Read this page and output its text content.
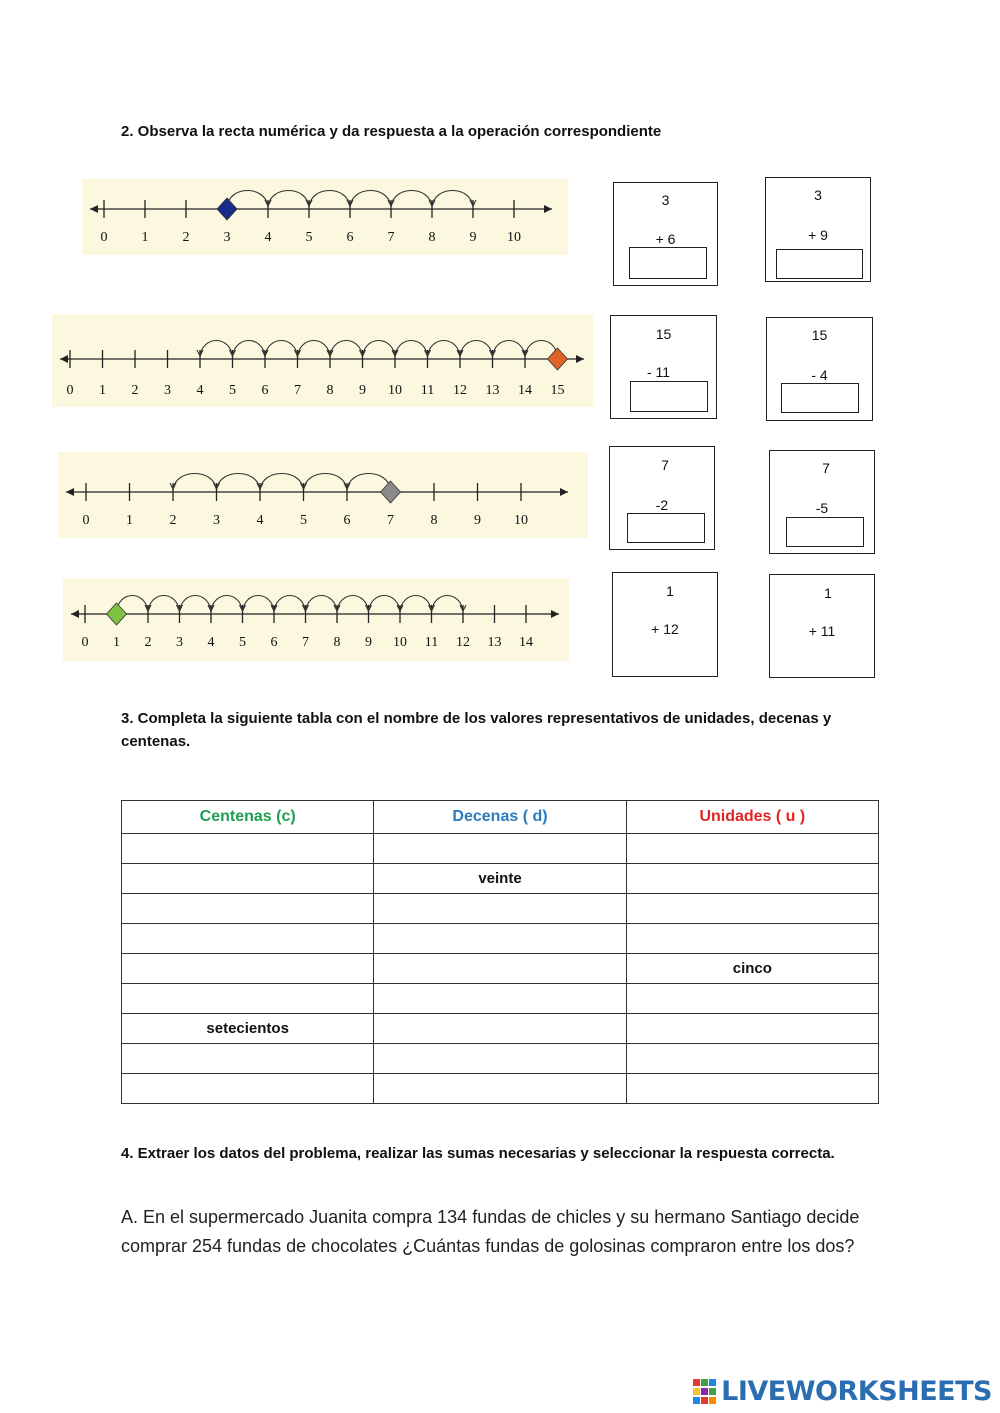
2. Observa la recta numérica y da respuesta a la operación correspondiente

0 1 2 3 4 5 6 7 8 9 10
0 1 2 3 4 5 6 7 8 9 10 11 12 13 14 15
0	1	2	3	4	5	6	7	8	9 10
0 1 2 3 4 5 6 7 8 9 10 11 12 13 14
3
+ 6
3
+ 9
15
- 11
15
- 4
7
-2
7
-5
1
+ 12
1
+ 11

3. Completa la siguiente tabla con el nombre de los valores representativos de unidades, decenas y centenas.

Centenas (c)	Decenas ( d)	Unidades ( u )

	veinte	

		cinco

setecientos		

4. Extraer los datos del problema, realizar las sumas necesarias y seleccionar la respuesta correcta.

A. En el supermercado Juanita compra 134 fundas de chicles y su hermano Santiago decide comprar 254 fundas de chocolates ¿Cuántas fundas de golosinas compraron entre los dos?

LIVEWORKSHEETS
